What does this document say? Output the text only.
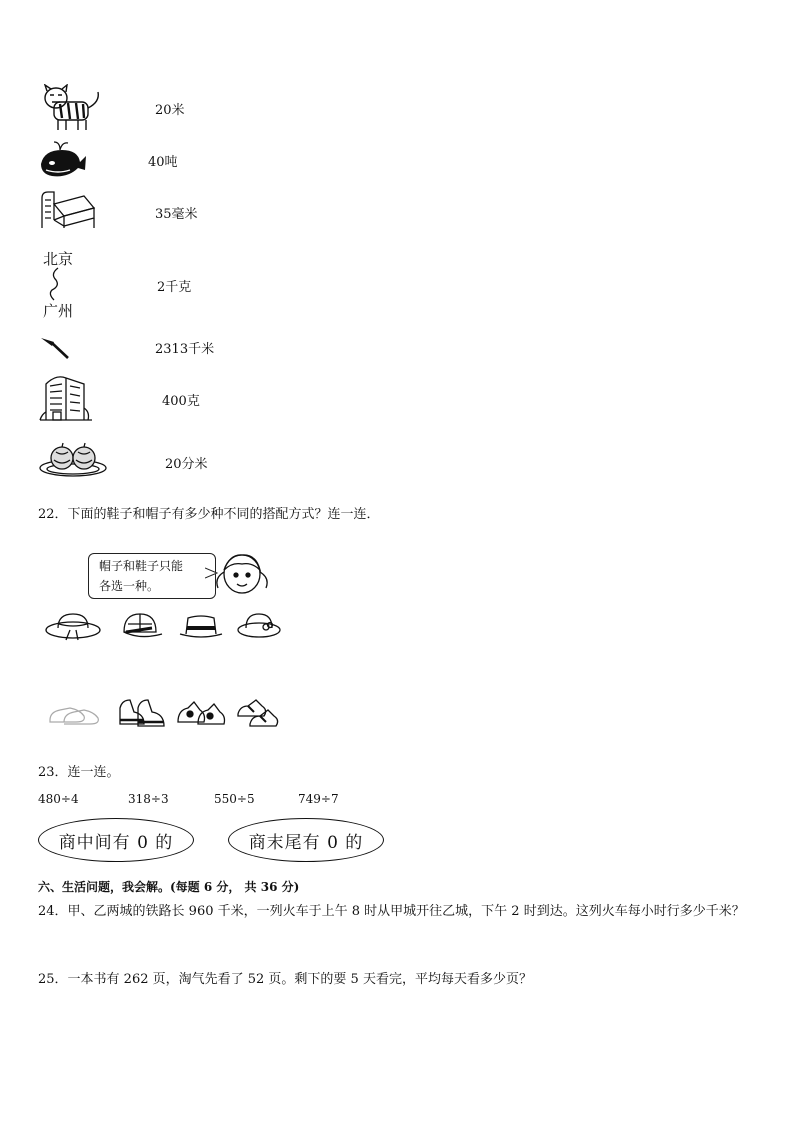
20米
40吨
35毫米
北京
广州
2千克
2313千米
400克
20分米
22．下面的鞋子和帽子有多少种不同的搭配方式？连一连．
帽子和鞋子只能
各选一种。
23．连一连。
480÷4	318÷3	550÷5	749÷7
商中间有 0 的	商末尾有 0 的
六、生活问题，我会解。(每题 6 分， 共 36 分)
24．甲、乙两城的铁路长 960 千米，一列火车于上午 8 时从甲城开往乙城，下午 2 时到达。这列火车每小时行多少千米？
25．一本书有 262 页，淘气先看了 52 页。剩下的要 5 天看完，平均每天看多少页？
